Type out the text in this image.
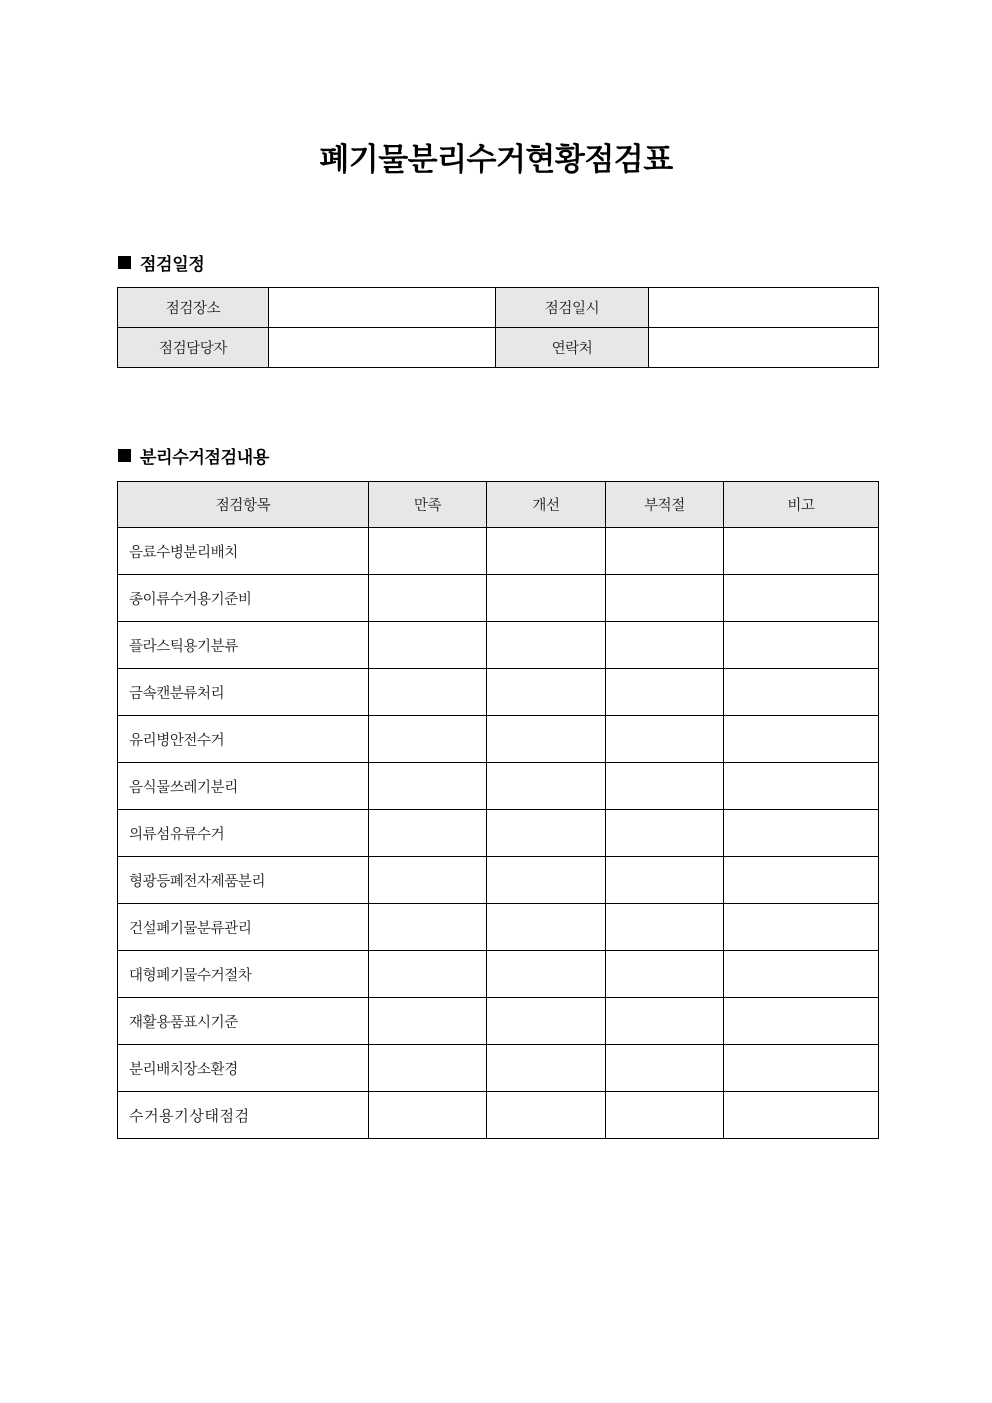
폐기물분리수거현황점검표
점검일정
점검장소		점검일시	
점검담당자		연락처	
분리수거점검내용
점검항목	만족	개선	부적절	비고
음료수병분리배치				
종이류수거용기준비				
플라스틱용기분류				
금속캔분류처리				
유리병안전수거				
음식물쓰레기분리				
의류섬유류수거				
형광등폐전자제품분리				
건설폐기물분류관리				
대형폐기물수거절차				
재활용품표시기준				
분리배치장소환경				
수거용기상태점검				
